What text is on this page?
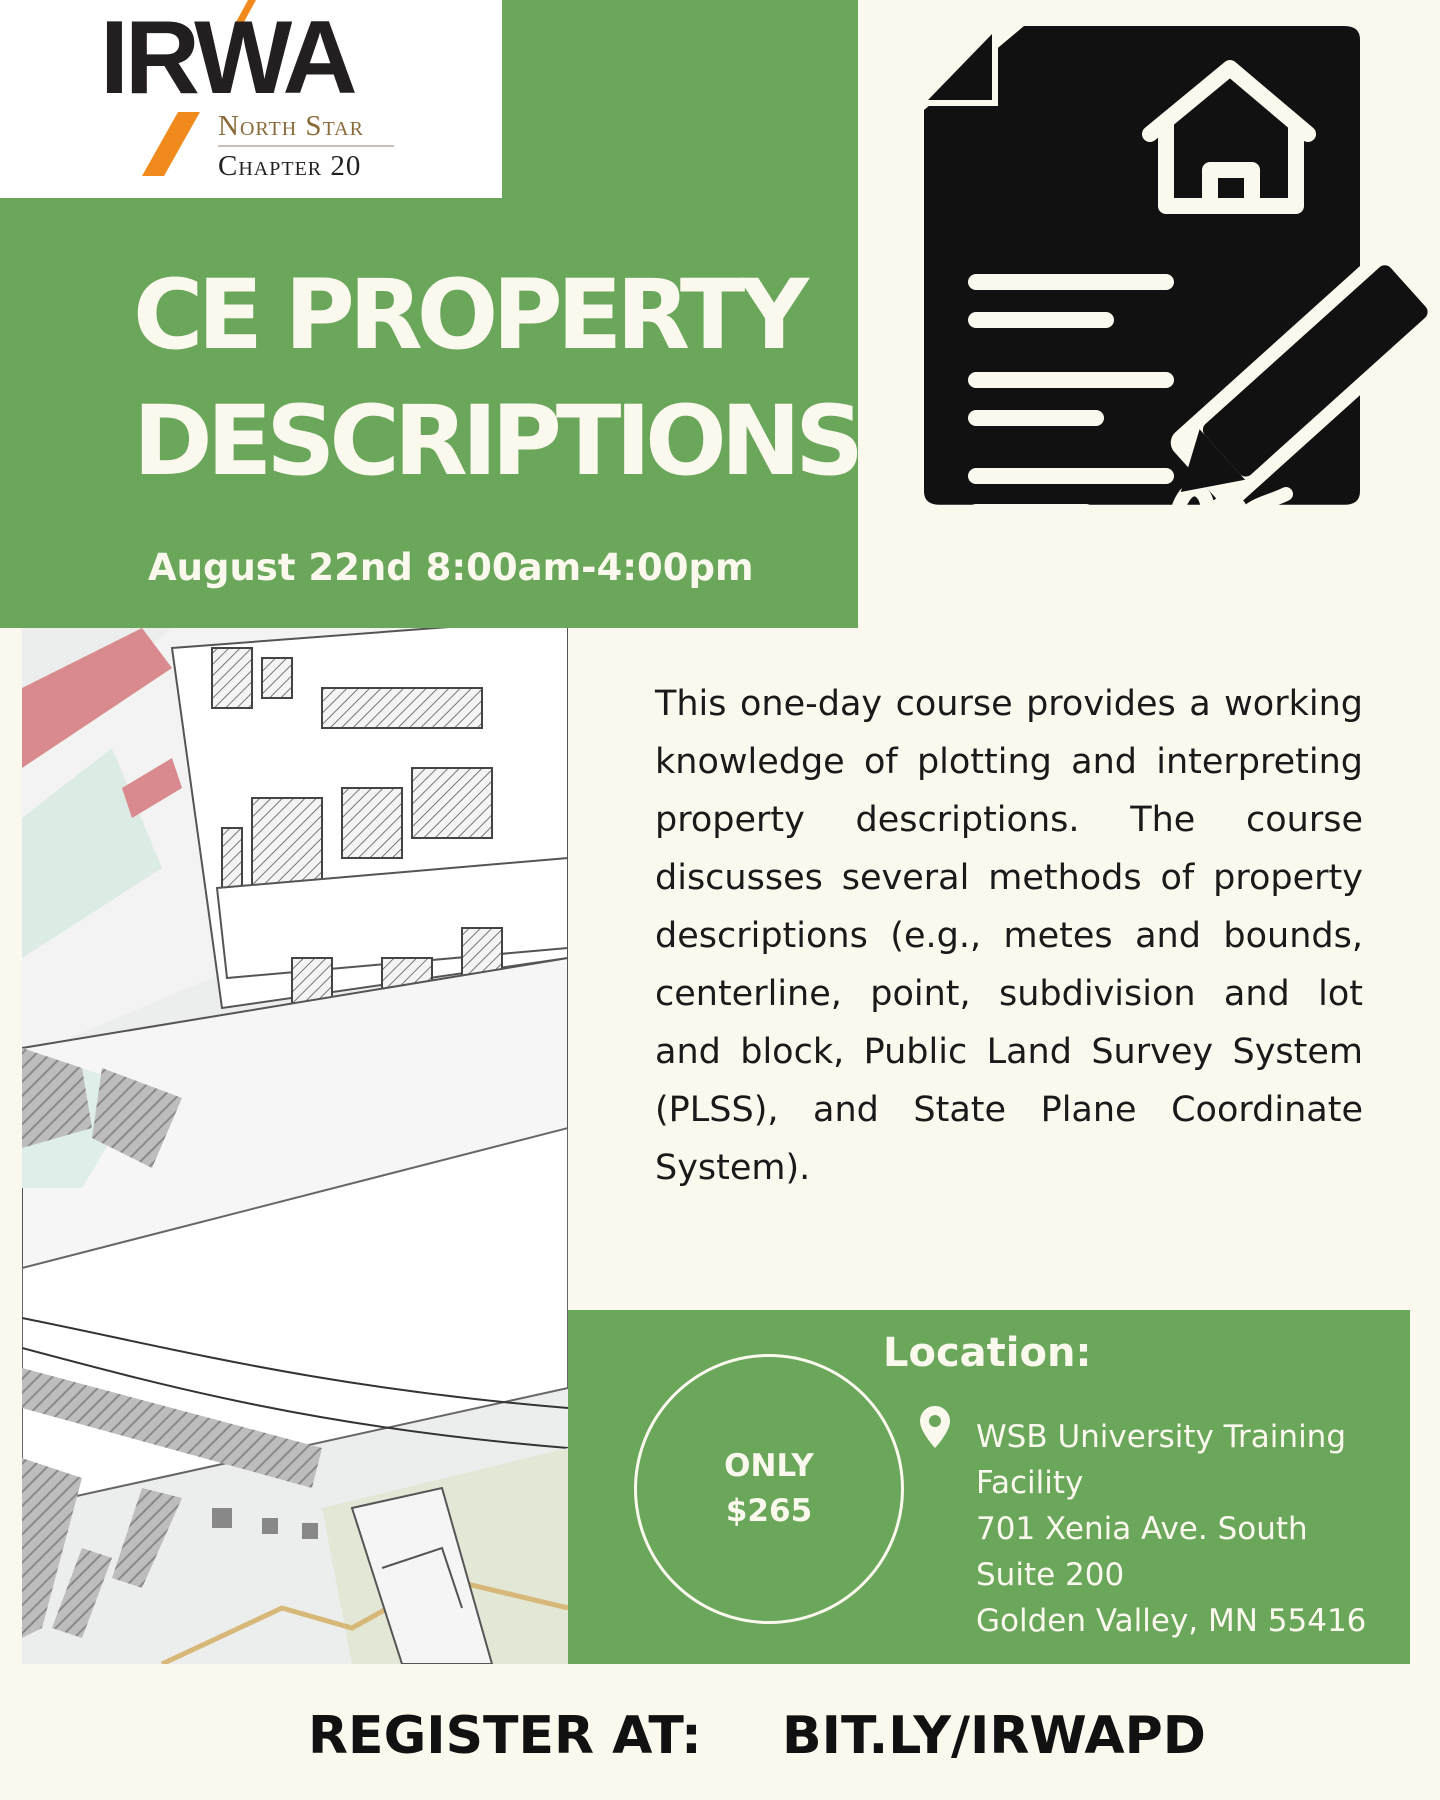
IRWA
North Star
Chapter 20
CE PROPERTY
DESCRIPTIONS
August 22nd 8:00am-4:00pm

This one-day course provides a working knowledge of plotting and interpreting property descriptions. The course discusses several methods of property descriptions (e.g., metes and bounds, centerline, point, subdivision and lot and block, Public Land Survey System (PLSS), and State Plane Coordinate System).

Location:
ONLY
$265
WSB University Training
Facility
701 Xenia Ave. South
Suite 200
Golden Valley, MN 55416
REGISTER AT: BIT.LY/IRWAPD
